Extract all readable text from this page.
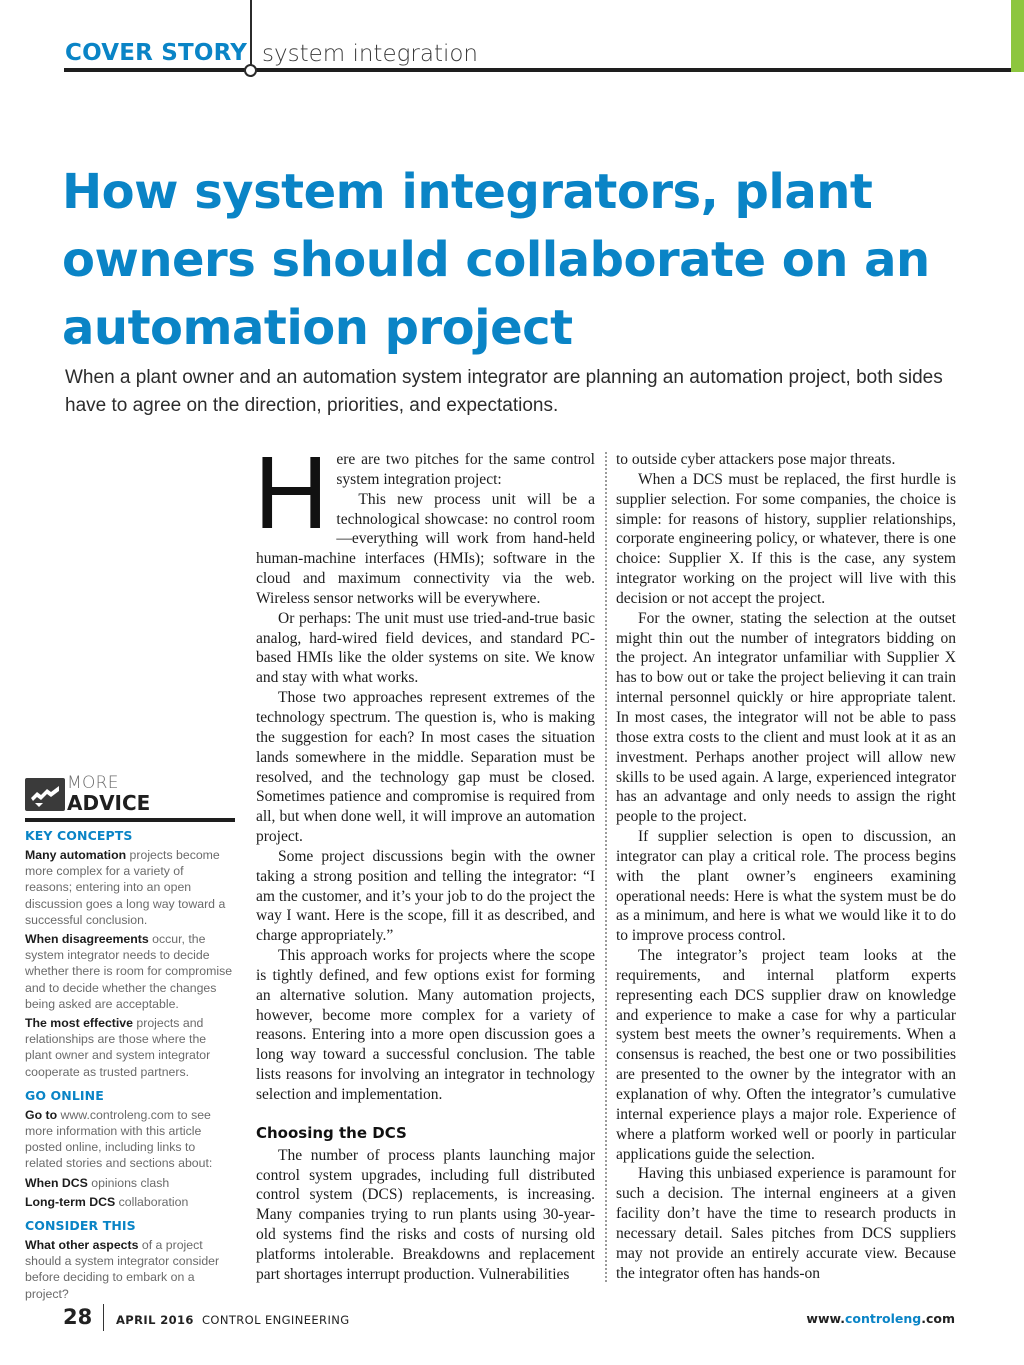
COVER STORY system integration
How system integrators, plant owners should collaborate on an automation project

When a plant owner and an automation system integrator are planning an automation project, both sides have to agree on the direction, priorities, and expectations.

MORE
ADVICE
KEY CONCEPTS
Many automation projects become more complex for a variety of reasons; entering into an open discussion goes a long way toward a successful conclusion.
When disagreements occur, the system integrator needs to decide whether there is room for compromise and to decide whether the changes being asked are acceptable.
The most effective projects and relationships are those where the plant owner and system integrator cooperate as trusted partners.
GO ONLINE
Go to www.controleng.com to see more information with this article posted online, including links to related stories and sections about:
When DCS opinions clash
Long-term DCS collaboration
CONSIDER THIS
What other aspects of a project should a system integrator consider before deciding to embark on a project?

Here are two pitches for the same control system integration project:

This new process unit will be a technological showcase: no control room—everything will work from hand-held human-machine interfaces (HMIs); software in the cloud and maximum connectivity via the web. Wireless sensor networks will be everywhere.

Or perhaps: The unit must use tried-and-true basic analog, hard-wired field devices, and standard PC-based HMIs like the older systems on site. We know and stay with what works.

Those two approaches represent extremes of the technology spectrum. The question is, who is making the suggestion for each? In most cases the situation lands somewhere in the middle. Separation must be resolved, and the technology gap must be closed. Sometimes patience and compromise is required from all, but when done well, it will improve an automation project.

Some project discussions begin with the owner taking a strong position and telling the integrator: “I am the customer, and it’s your job to do the project the way I want. Here is the scope, fill it as described, and charge appropriately.”

This approach works for projects where the scope is tightly defined, and few options exist for forming an alternative solution. Many automation projects, however, become more complex for a variety of reasons. Entering into a more open discussion goes a long way toward a successful conclusion. The table lists reasons for involving an integrator in technology selection and implementation.

Choosing the DCS

The number of process plants launching major control system upgrades, including full distributed control system (DCS) replacements, is increasing. Many companies trying to run plants using 30-year-old systems find the risks and costs of nursing old platforms intolerable. Breakdowns and replacement part shortages interrupt production. Vulnerabilities

to outside cyber attackers pose major threats.

When a DCS must be replaced, the first hurdle is supplier selection. For some companies, the choice is simple: for reasons of history, supplier relationships, corporate engineering policy, or whatever, there is one choice: Supplier X. If this is the case, any system integrator working on the project will live with this decision or not accept the project.

For the owner, stating the selection at the outset might thin out the number of integrators bidding on the project. An integrator unfamiliar with Supplier X has to bow out or take the project believing it can train internal personnel quickly or hire appropriate talent. In most cases, the integrator will not be able to pass those extra costs to the client and must look at it as an investment. Perhaps another project will allow new skills to be used again. A large, experienced integrator has an advantage and only needs to assign the right people to the project.

If supplier selection is open to discussion, an integrator can play a critical role. The process begins with the plant owner’s engineers examining operational needs: Here is what the system must be do as a minimum, and here is what we would like it to do to improve process control.

The integrator’s project team looks at the requirements, and internal platform experts representing each DCS supplier draw on knowledge and experience to make a case for why a particular system best meets the owner’s requirements. When a consensus is reached, the best one or two possibilities are presented to the owner by the integrator with an explanation of why. Often the integrator’s cumulative internal experience plays a major role. Experience of where a platform worked well or poorly in particular applications guide the selection.

Having this unbiased experience is paramount for such a decision. The internal engineers at a given facility don’t have the time to research products in necessary detail. Sales pitches from DCS suppliers may not provide an entirely accurate view. Because the integrator often has hands-on

28 APRIL 2016 CONTROL ENGINEERING	www.controleng.com
